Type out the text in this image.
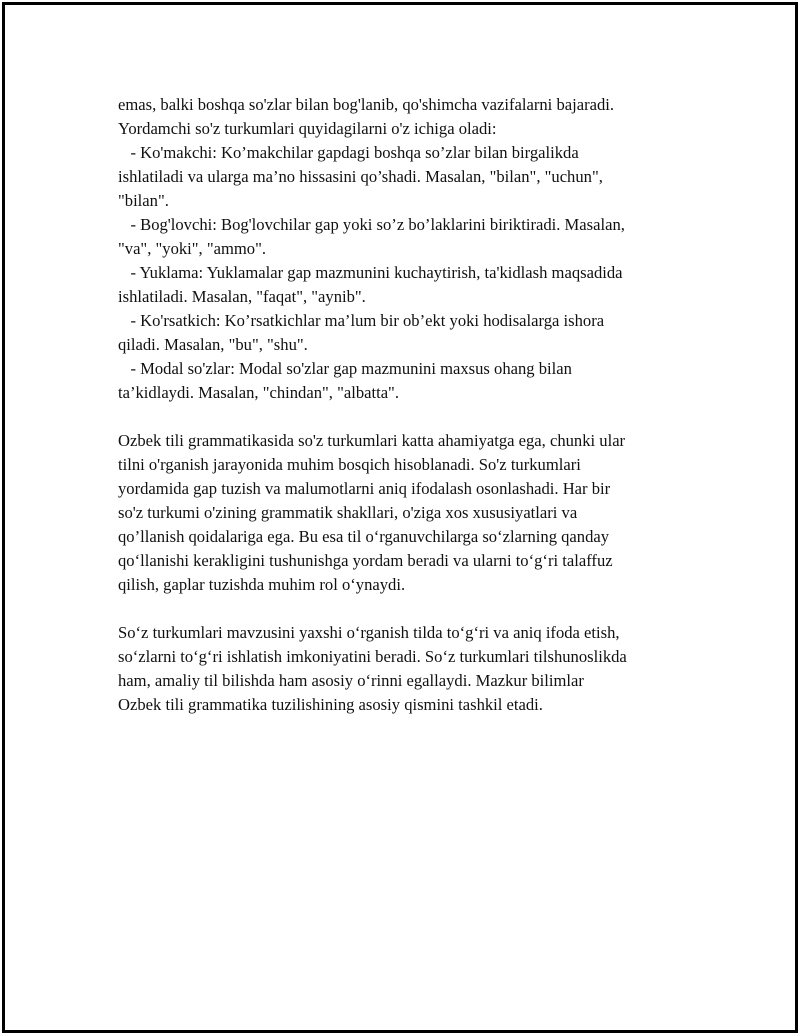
emas, balki boshqa so'zlar bilan bog'lanib, qo'shimcha vazifalarni bajaradi.
Yordamchi so'z turkumlari quyidagilarni o'z ichiga oladi:
- Ko'makchi: Ko’makchilar gapdagi boshqa so’zlar bilan birgalikda
ishlatiladi va ularga ma’no hissasini qo’shadi. Masalan, "bilan", "uchun",
"bilan".
- Bog'lovchi: Bog'lovchilar gap yoki so’z bo’laklarini biriktiradi. Masalan,
"va", "yoki", "ammo".
- Yuklama: Yuklamalar gap mazmunini kuchaytirish, ta'kidlash maqsadida
ishlatiladi. Masalan, "faqat", "aynib".
- Ko'rsatkich: Ko’rsatkichlar ma’lum bir ob’ekt yoki hodisalarga ishora
qiladi. Masalan, "bu", "shu".
- Modal so'zlar: Modal so'zlar gap mazmunini maxsus ohang bilan
ta’kidlaydi. Masalan, "chindan", "albatta".
Ozbek tili grammatikasida so'z turkumlari katta ahamiyatga ega, chunki ular
tilni o'rganish jarayonida muhim bosqich hisoblanadi. So'z turkumlari
yordamida gap tuzish va malumotlarni aniq ifodalash osonlashadi. Har bir
so'z turkumi o'zining grammatik shakllari, o'ziga xos xususiyatlari va
qo’llanish qoidalariga ega. Bu esa til o‘rganuvchilarga so‘zlarning qanday
qo‘llanishi kerakligini tushunishga yordam beradi va ularni to‘g‘ri talaffuz
qilish, gaplar tuzishda muhim rol o‘ynaydi.
So‘z turkumlari mavzusini yaxshi o‘rganish tilda to‘g‘ri va aniq ifoda etish,
so‘zlarni to‘g‘ri ishlatish imkoniyatini beradi. So‘z turkumlari tilshunoslikda
ham, amaliy til bilishda ham asosiy o‘rinni egallaydi. Mazkur bilimlar
Ozbek tili grammatika tuzilishining asosiy qismini tashkil etadi.
